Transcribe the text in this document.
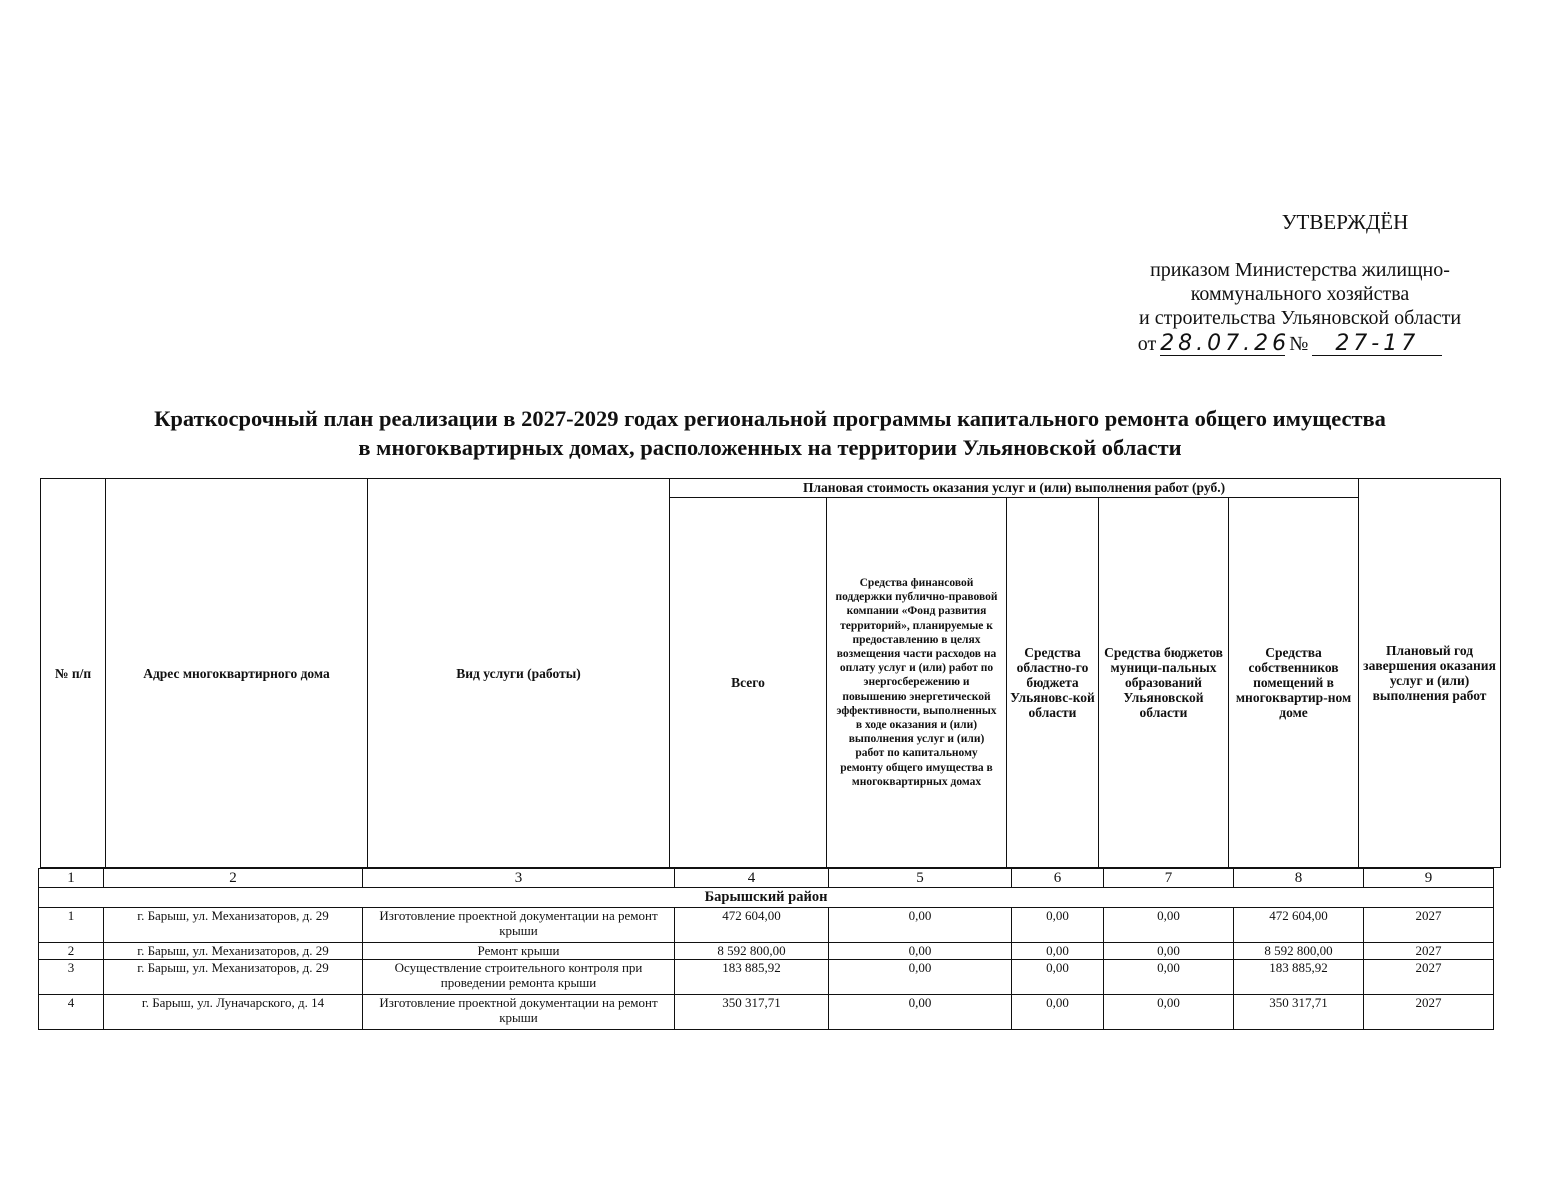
УТВЕРЖДЁН
приказом Министерства жилищно-
коммунального хозяйства
и строительства Ульяновской области
от 28.07.26 №	27-17
Краткосрочный план реализации в 2027-2029 годах региональной программы капитального ремонта общего имущества
в многоквартирных домах, расположенных на территории Ульяновской области
№ п/п	Адрес многоквартирного дома	Вид услуги (работы)	Плановая стоимость оказания услуг и (или) выполнения работ (руб.)					Плановый год завершения оказания услуг и (или) выполнения работ
			Всего	Средства финансовой поддержки публично-правовой компании «Фонд развития территорий», планируемые к предоставлению в целях возмещения части расходов на оплату услуг и (или) работ по энергосбережению и повышению энергетической эффективности, выполненных в ходе оказания и (или) выполнения услуг и (или) работ по капитальному ремонту общего имущества в многоквартирных домах	Средства областно-го бюджета Ульяновс-кой области	Средства бюджетов муници-пальных образований Ульяновской области	Средства собственников помещений в многоквартир-ном доме	
1	2	3	4	5	6	7	8	9
Барышский район								
1	г. Барыш, ул. Механизаторов, д. 29	Изготовление проектной документации на ремонт крыши	472 604,00	0,00	0,00	0,00	472 604,00	2027
2	г. Барыш, ул. Механизаторов, д. 29	Ремонт крыши	8 592 800,00	0,00	0,00	0,00	8 592 800,00	2027
3	г. Барыш, ул. Механизаторов, д. 29	Осуществление строительного контроля при проведении ремонта крыши	183 885,92	0,00	0,00	0,00	183 885,92	2027
4	г. Барыш, ул. Луначарского, д. 14	Изготовление проектной документации на ремонт крыши	350 317,71	0,00	0,00	0,00	350 317,71	2027
